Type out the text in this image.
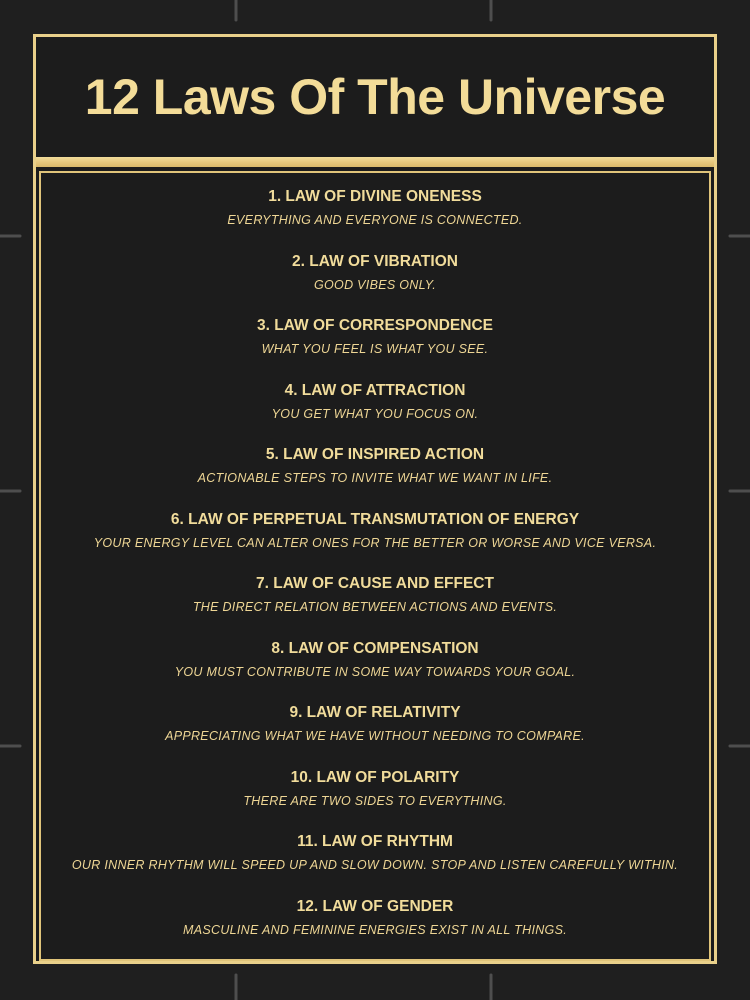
12 Laws Of The Universe
1. LAW OF DIVINE ONENESS
EVERYTHING AND EVERYONE IS CONNECTED.
2. LAW OF VIBRATION
GOOD VIBES ONLY.
3. LAW OF CORRESPONDENCE
WHAT YOU FEEL IS WHAT YOU SEE.
4. LAW OF ATTRACTION
YOU GET WHAT YOU FOCUS ON.
5. LAW OF INSPIRED ACTION
ACTIONABLE STEPS TO INVITE WHAT WE WANT IN LIFE.
6. LAW OF PERPETUAL TRANSMUTATION OF ENERGY
YOUR ENERGY LEVEL CAN ALTER ONES FOR THE BETTER OR WORSE AND VICE VERSA.
7. LAW OF CAUSE AND EFFECT
THE DIRECT RELATION BETWEEN ACTIONS AND EVENTS.
8. LAW OF COMPENSATION
YOU MUST CONTRIBUTE IN SOME WAY TOWARDS YOUR GOAL.
9. LAW OF RELATIVITY
APPRECIATING WHAT WE HAVE WITHOUT NEEDING TO COMPARE.
10. LAW OF POLARITY
THERE ARE TWO SIDES TO EVERYTHING.
11. LAW OF RHYTHM
OUR INNER RHYTHM WILL SPEED UP AND SLOW DOWN. STOP AND LISTEN CAREFULLY WITHIN.
12. LAW OF GENDER
MASCULINE AND FEMININE ENERGIES EXIST IN ALL THINGS.
